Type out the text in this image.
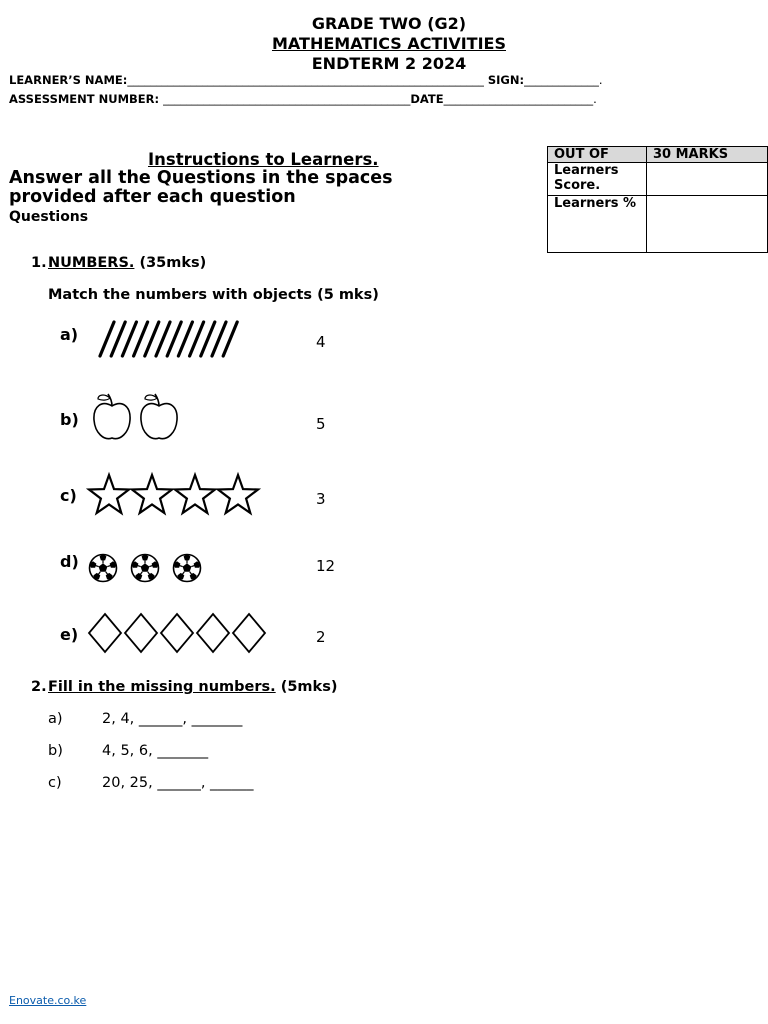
GRADE TWO (G2)
MATHEMATICS ACTIVITIES
ENDTERM 2 2024
LEARNER’S NAME:______________________________________________________________ SIGN:_____________.
ASSESSMENT NUMBER: ___________________________________________DATE__________________________.
Instructions to Learners.
Answer all the Questions in the spaces provided after each question
Questions
OUT OF	30 MARKS
Learners Score.	
Learners %	
1. NUMBERS. (35mks)
Match the numbers with objects (5 mks)
a)	4
b)	5
c)	3
d)	12
e)	2
2. Fill in the missing numbers. (5mks)
a)	2, 4, ______, _______
b)	4, 5, 6, _______
c)	20, 25, ______, ______
Enovate.co.ke
